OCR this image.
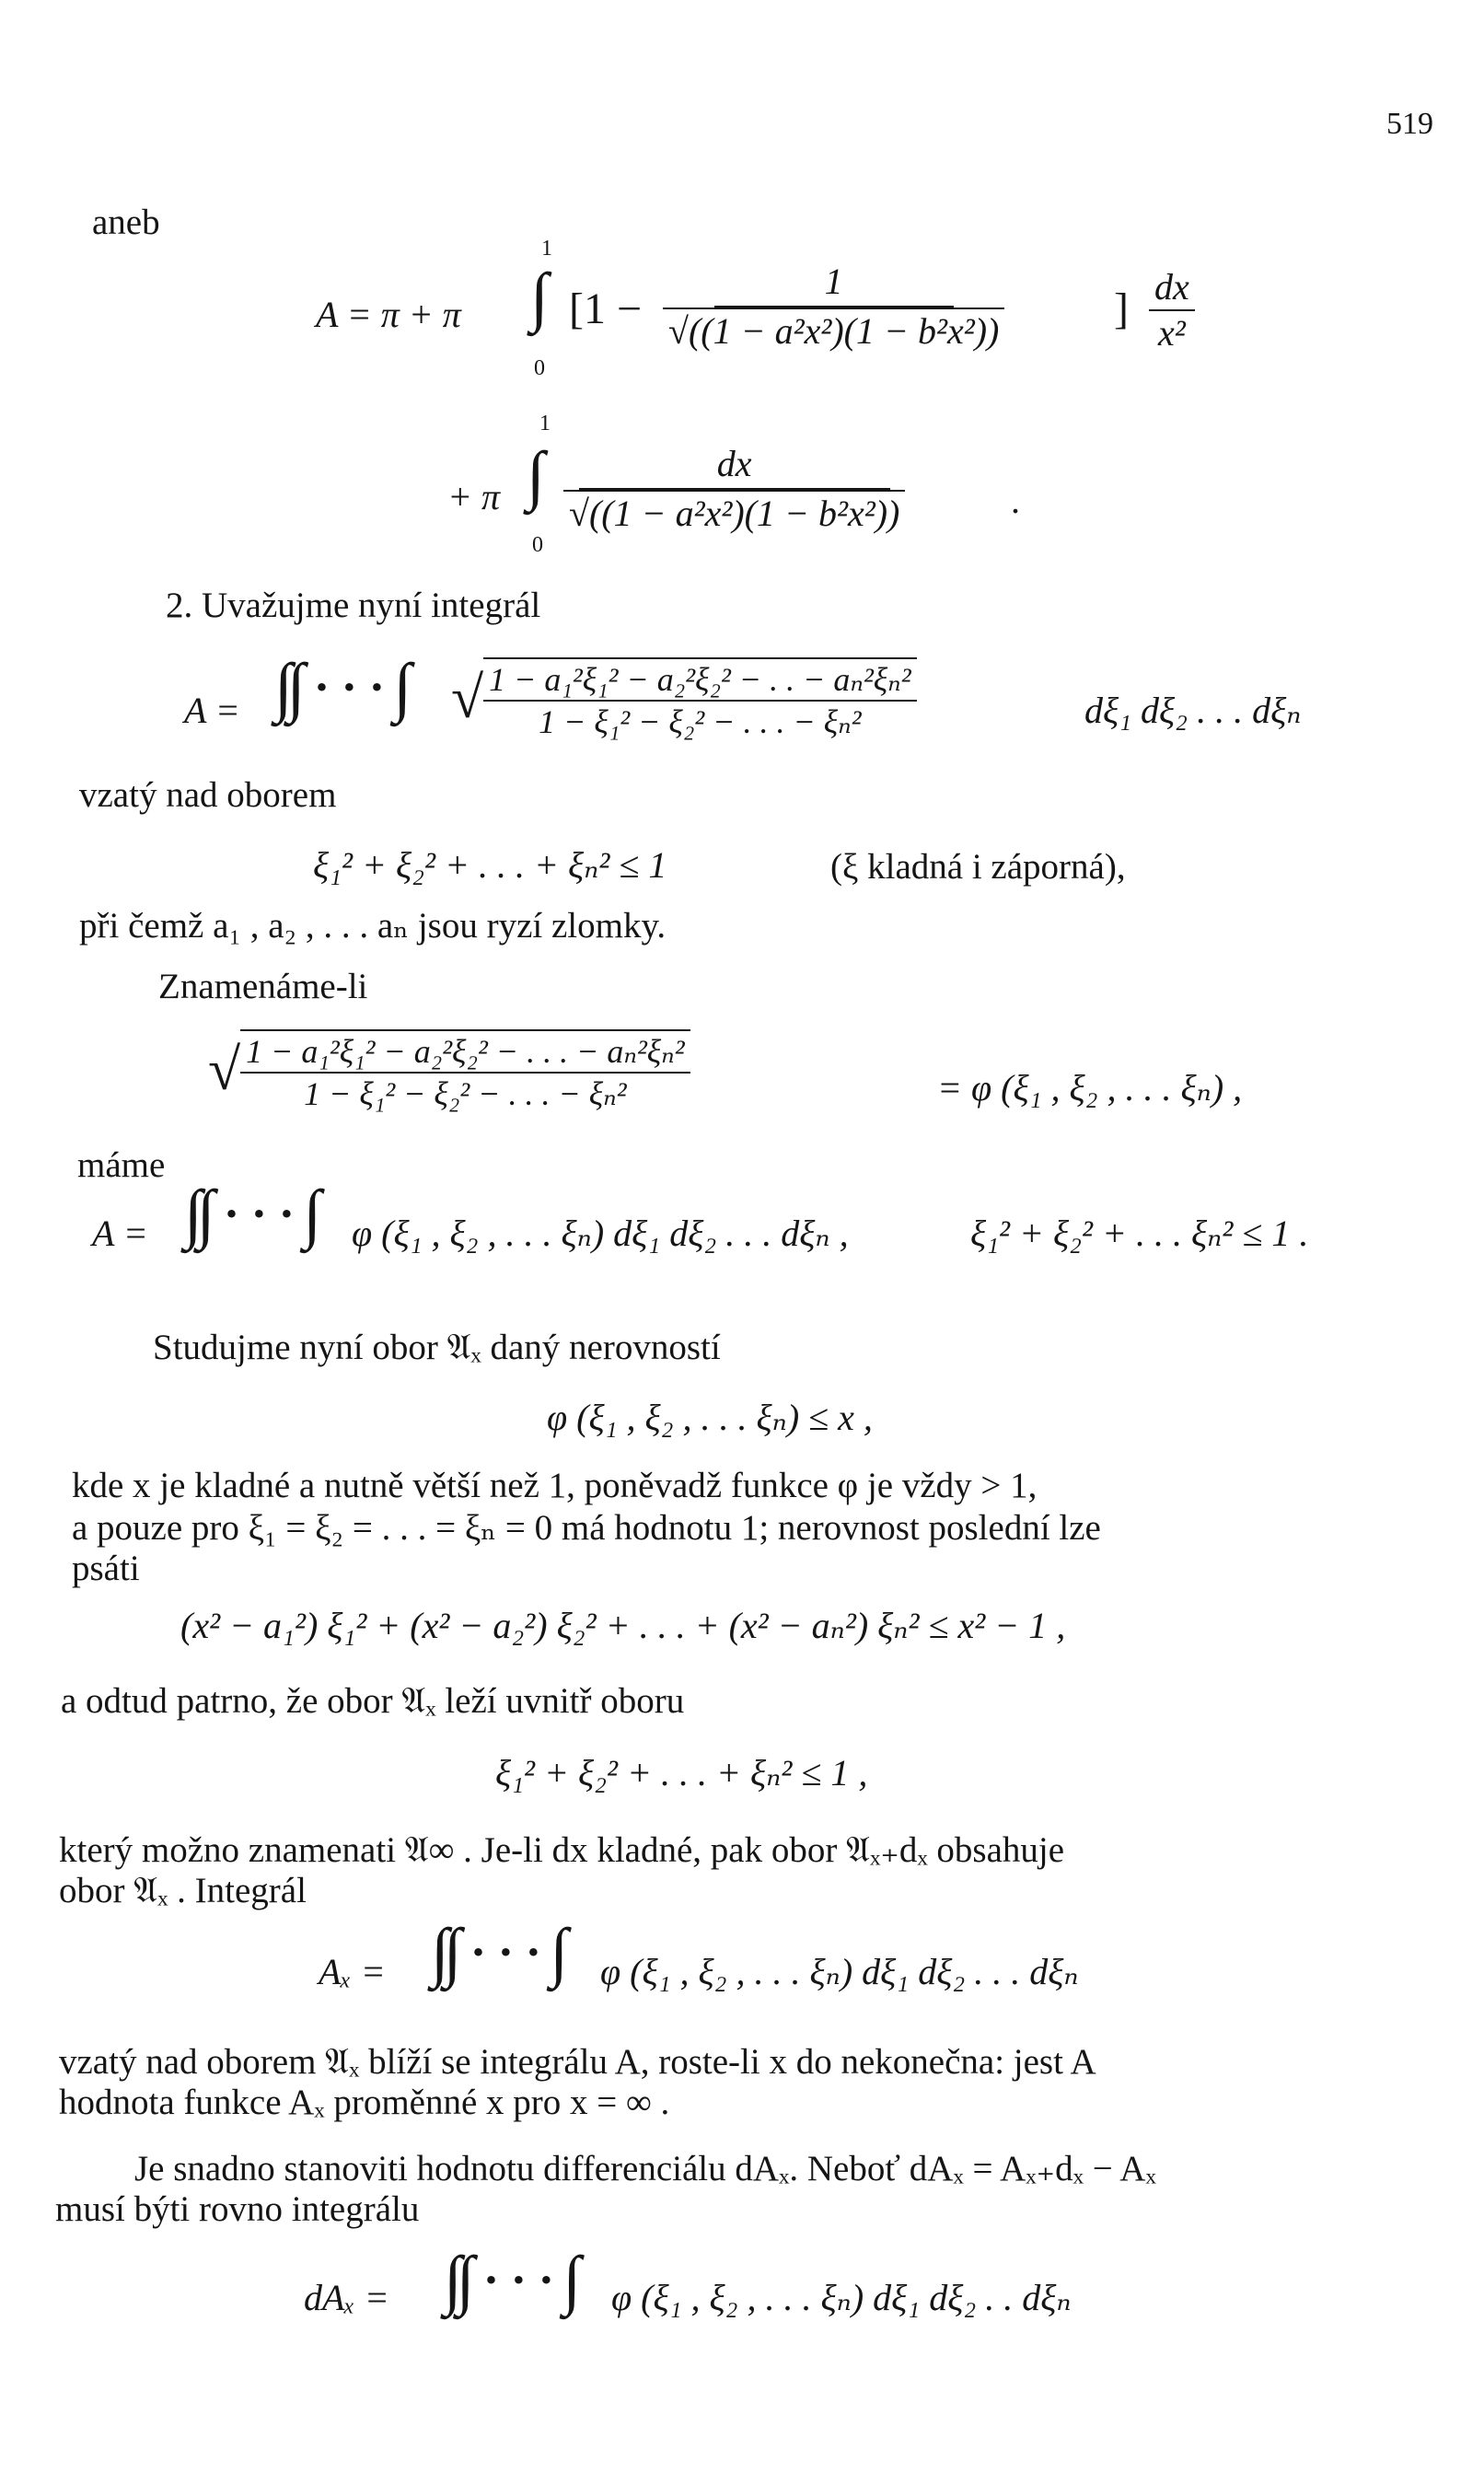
519
aneb
A = π + π
1
∫
0
[$1 - \frac{1}{\text{√((1 − a²x²)(1 − b²x²))}}$ ] $\frac{dx}{\text{x²}}$
+ π
1
∫
0
$\frac{dx}{\text{√((1 − a²x²)(1 − b²x²))}}$	.
2. Uvažujme nyní integrál
A = ∫∫ · · · ∫ √ $\frac{\text{1 − a₁²ξ₁² − a₂²ξ₂² − . . − aₙ²ξₙ²}}{\text{1 − ξ₁² − ξ₂² − . . . − ξₙ²}}$	dξ₁ dξ₂ . . . dξₙ
vzatý nad oborem
ξ₁² + ξ₂² + . . . + ξₙ² ≤ 1	(ξ kladná i záporná),
při čemž a₁ , a₂ , . . . aₙ jsou ryzí zlomky.
Znamenáme-li
√ $\frac{\text{1 − a₁²ξ₁² − a₂²ξ₂² − . . . − aₙ²ξₙ²}}{\text{1 − ξ₁² − ξ₂² − . . . − ξₙ²}}$	= φ (ξ₁ , ξ₂ , . . . ξₙ) ,
máme
A = ∫∫ · · · ∫ φ (ξ₁ , ξ₂ , . . . ξₙ) dξ₁ dξ₂ . . . dξₙ ,	ξ₁² + ξ₂² + . . . ξₙ² ≤ 1 .
Studujme nyní obor 𝔄ₓ daný nerovností
φ (ξ₁ , ξ₂ , . . . ξₙ) ≤ x ,
kde x je kladné a nutně větší než 1, poněvadž funkce φ je vždy > 1,
a pouze pro ξ₁ = ξ₂ = . . . = ξₙ = 0 má hodnotu 1; nerovnost poslední lze
psáti
(x² − a₁²) ξ₁² + (x² − a₂²) ξ₂² + . . . + (x² − aₙ²) ξₙ² ≤ x² − 1 ,
a odtud patrno, že obor 𝔄ₓ leží uvnitř oboru
ξ₁² + ξ₂² + . . . + ξₙ² ≤ 1 ,
který možno znamenati 𝔄∞ . Je-li dx kladné, pak obor 𝔄ₓ₊dₓ obsahuje
obor 𝔄ₓ . Integrál
Aₓ = ∫∫ · · · ∫ φ (ξ₁ , ξ₂ , . . . ξₙ) dξ₁ dξ₂ . . . dξₙ
vzatý nad oborem 𝔄ₓ blíží se integrálu A, roste-li x do nekonečna: jest A
hodnota funkce Aₓ proměnné x pro x = ∞ .
Je snadno stanoviti hodnotu differenciálu dAₓ. Neboť dAₓ = Aₓ₊dₓ − Aₓ
musí býti rovno integrálu
dAₓ = ∫∫ · · · ∫ φ (ξ₁ , ξ₂ , . . . ξₙ) dξ₁ dξ₂ . . dξₙ
